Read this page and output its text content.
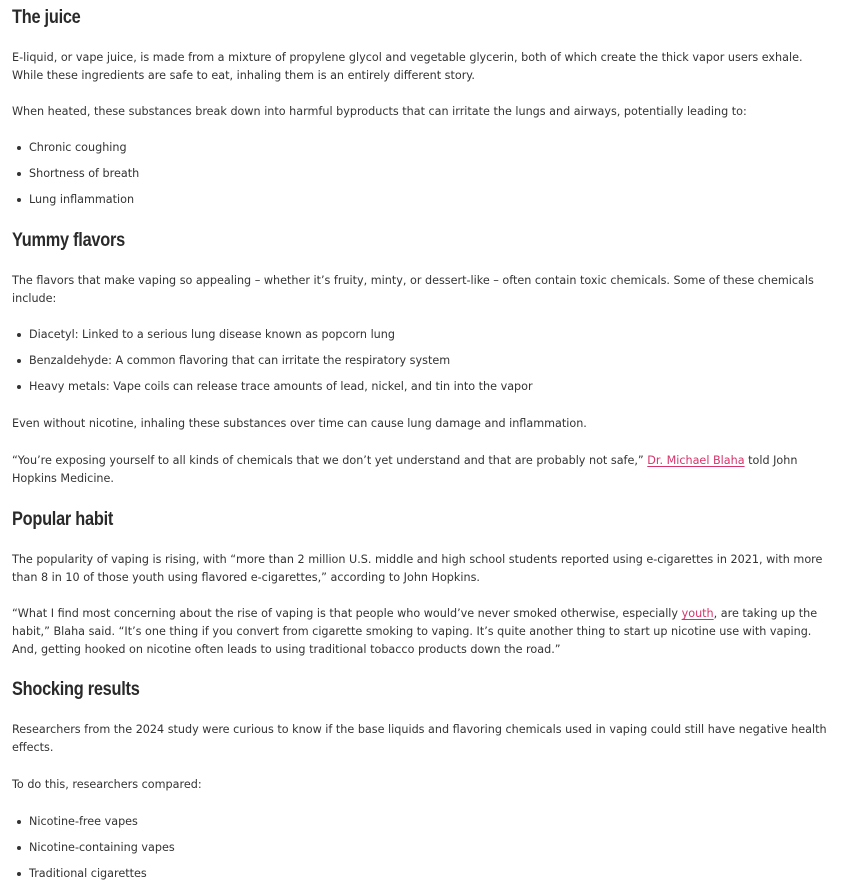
The juice

E-liquid, or vape juice, is made from a mixture of propylene glycol and vegetable glycerin, both of which create the thick vapor users exhale. While these ingredients are safe to eat, inhaling them is an entirely different story.

When heated, these substances break down into harmful byproducts that can irritate the lungs and airways, potentially leading to:

Chronic coughing
Shortness of breath
Lung inflammation
Yummy flavors

The flavors that make vaping so appealing – whether it’s fruity, minty, or dessert-like – often contain toxic chemicals. Some of these chemicals include:

Diacetyl: Linked to a serious lung disease known as popcorn lung
Benzaldehyde: A common flavoring that can irritate the respiratory system
Heavy metals: Vape coils can release trace amounts of lead, nickel, and tin into the vapor

Even without nicotine, inhaling these substances over time can cause lung damage and inflammation.

“You’re exposing yourself to all kinds of chemicals that we don’t yet understand and that are probably not safe,” Dr. Michael Blaha told John Hopkins Medicine.

Popular habit

The popularity of vaping is rising, with “more than 2 million U.S. middle and high school students reported using e-cigarettes in 2021, with more than 8 in 10 of those youth using flavored e-cigarettes,” according to John Hopkins.

“What I find most concerning about the rise of vaping is that people who would’ve never smoked otherwise, especially youth, are taking up the habit,” Blaha said. “It’s one thing if you convert from cigarette smoking to vaping. It’s quite another thing to start up nicotine use with vaping. And, getting hooked on nicotine often leads to using traditional tobacco products down the road.”

Shocking results

Researchers from the 2024 study were curious to know if the base liquids and flavoring chemicals used in vaping could still have negative health effects.

To do this, researchers compared:

Nicotine-free vapes
Nicotine-containing vapes
Traditional cigarettes
